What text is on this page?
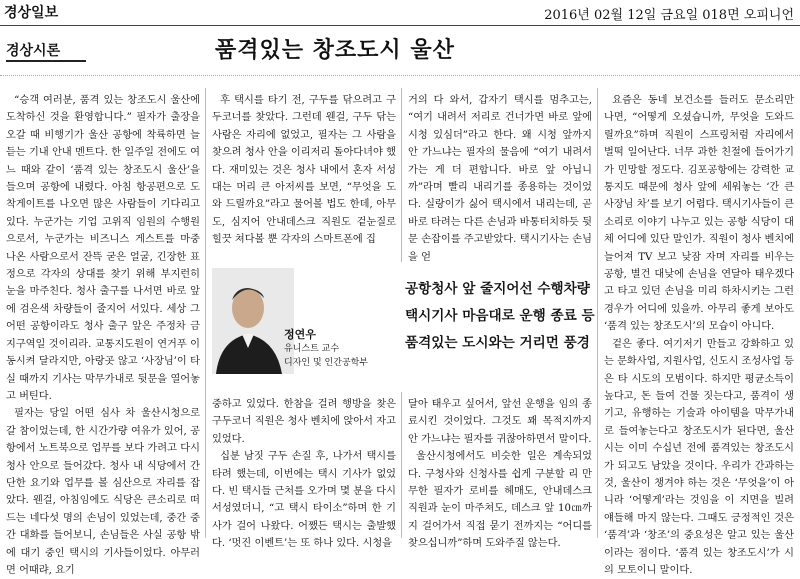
경상일보	2016년 02월 12일 금요일 018면 오피니언
경상시론	품격있는 창조도시 울산

“승객 여러분, 품격 있는 창조도시 울산에 도착하신 것을 환영합니다.” 필자가 출장을 오갈 때 비행기가 울산 공항에 착륙하면 늘 듣는 기내 안내 멘트다. 한 일주일 전에도 여느 때와 같이 ‘품격 있는 창조도시 울산’을 들으며 공항에 내렸다. 아침 항공편으로 도착게이트를 나오면 많은 사람들이 기다리고 있다. 누군가는 기업 고위직 임원의 수행원으로서, 누군가는 비즈니스 게스트를 마중 나온 사람으로서 잔뜩 굳은 얼굴, 긴장한 표정으로 각자의 상대를 찾기 위해 부지런히 눈을 마주친다. 청사 출구를 나서면 바로 앞에 검은색 차량들이 줄지어 서있다. 세상 그 어떤 공항이라도 청사 출구 앞은 주정차 금지구역일 것이리라. 교통지도원이 연거푸 이동시켜 달라지만, 아랑곳 않고 ‘사장님’이 타실 때까지 기사는 막무가내로 뒷문을 열어놓고 버틴다.

필자는 당일 어떤 심사 차 울산시청으로 갈 참이었는데, 한 시간가량 여유가 있어, 공항에서 노트북으로 업무를 보다 가려고 다시 청사 안으로 들어갔다. 청사 내 식당에서 간단한 요기와 업무를 볼 심산으로 자리를 잡았다. 웬걸, 아침임에도 식당은 큰소리로 떠드는 네다섯 명의 손님이 있었는데, 중간 중간 대화를 들어보니, 손님들은 사실 공항 밖에 대기 중인 택시의 기사들이었다. 아무러면 어때랴, 요기

후 택시를 타기 전, 구두를 닦으려고 구두코너를 찾았다. 그런데 웬걸, 구두 닦는 사람은 자리에 없었고, 필자는 그 사람을 찾으려 청사 안을 이리저리 돌아다녀야 했다. 재미있는 것은 청사 내에서 혼자 서성대는 머리 큰 아저씨를 보면, “무엇을 도와 드릴까요”라고 물어볼 법도 한데, 아무도, 심지어 안내데스크 직원도 겉눈질로 힐끗 쳐다볼 뿐 각자의 스마트폰에 집

정연우
유니스트 교수
디자인 및 인간공학부

중하고 있었다. 한참을 걸려 행방을 찾은 구두코너 직원은 청사 벤치에 앉아서 자고 있었다.

십분 남짓 구두 손질 후, 나가서 택시를 타려 했는데, 이번에는 택시 기사가 없었다. 빈 택시들 근처를 오가며 몇 분을 다시 서성였더니, “고 택시 타이소”하며 한 기사가 걸어 나왔다. 어쨌든 택시는 출발했다. ‘멋진 이벤트’는 또 하나 있다. 시청을

거의 다 와서, 갑자기 택시를 멈추고는, “여기 내려서 저리로 건너가면 바로 앞에 시청 있심더”라고 한다. 왜 시청 앞까지 안 가느냐는 필자의 물음에 “여기 내려서 가는 게 더 편합니다. 바로 앞 아닙니까”라며 빨리 내리기를 종용하는 것이었다. 실랑이가 싫어 택시에서 내리는데, 곧바로 타려는 다른 손님과 바통터치하듯 뒷문 손잡이를 주고받았다. 택시기사는 손님을 얻

공항청사 앞 줄지어선 수행차량
택시기사 마음대로 운행 종료 등
품격있는 도시와는 거리먼 풍경

달아 태우고 싶어서, 앞선 운행을 임의 종료시킨 것이었다. 그것도 꽤 목적지까지 안 가느냐는 필자를 귀찮아하면서 말이다.

울산시청에서도 비슷한 일은 계속되었다. 구청사와 신청사를 쉽게 구분할 리 만무한 필자가 로비를 헤매도, 안내데스크 직원과 눈이 마주쳐도, 데스크 앞 10㎝까지 걸어가서 직접 묻기 전까지는 “어디를 찾으십니까”하며 도와주질 않는다.

요즘은 동네 보건소를 들러도 문소리만 나면, “어떻게 오셨습니까, 무엇을 도와드릴까요”하며 직원이 스프링처럼 자리에서 벌떡 일어난다. 너무 과한 친절에 들어가기가 민망할 정도다. 김포공항에는 강력한 교통지도 때문에 청사 앞에 세워놓는 ‘간 큰 사장님 차’를 보기 어렵다. 택시기사들이 큰소리로 이야기 나누고 있는 공항 식당이 대체 어디에 있단 말인가. 직원이 청사 벤치에 늘어져 TV 보고 낮잠 자며 자리를 비우는 공항, 별건 대낮에 손님을 연달아 태우겠다고 타고 있던 손님을 미리 하차시키는 그런 경우가 어디에 있을까. 아무리 좋게 보아도 ‘품격 있는 창조도시’의 모습이 아니다.

겉은 좋다. 여기저기 만들고 강화하고 있는 문화사업, 지원사업, 신도시 조성사업 등은 타 시도의 모범이다. 하지만 평균소득이 높다고, 돈 들여 건물 짓는다고, 품격이 생기고, 유행하는 기술과 아이템을 막무가내로 들여놓는다고 창조도시가 된다면, 울산시는 이미 수십년 전에 품격있는 창조도시가 되고도 남았을 것이다. 우리가 간과하는 것, 울산이 챙겨야 하는 것은 ‘무엇을’이 아니라 ‘어떻게’라는 것임을 이 지면을 빌려 얘들해 마지 않는다. 그때도 긍정적인 것은 ‘품격’과 ‘창조’의 중요성은 알고 있는 울산이라는 점이다. ‘품격 있는 창조도시’가 시의 모토이니 말이다.
